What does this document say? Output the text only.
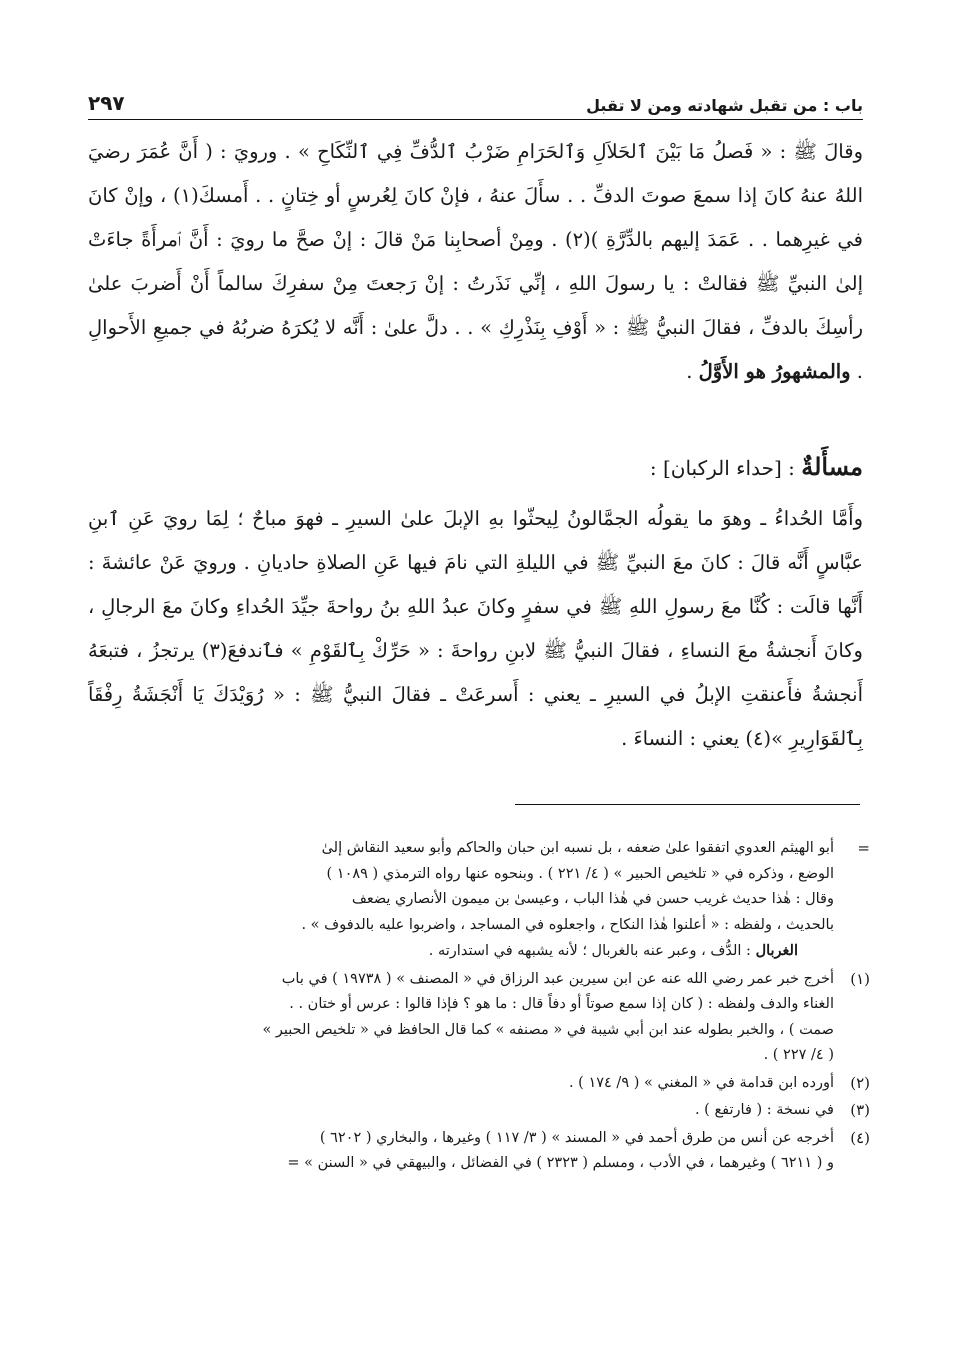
٢٩٧	باب : من تقبل شهادته ومن لا تقبل

وقالَ ﷺ : « فَصلُ مَا بَيْنَ ٱلحَلاَلِ وَٱلحَرَامِ ضَرْبُ ٱلدُّفِّ فِي ٱلنِّكَاحِ » . ورويَ : ( أَنَّ عُمَرَ رضيَ اللهُ عنهُ كانَ إذا سمعَ صوتَ الدفِّ . . سأَلَ عنهُ ، فإنْ كانَ لِعُرسٍ أو خِتانٍ . . أَمسكَ(١) ، وإنْ كانَ في غيرِهما . . عَمَدَ إليهم بالدِّرَّةِ )(٢) . ومِنْ أصحابِنا مَنْ قالَ : إنْ صحَّ ما رويَ : أَنَّ ٱمرأَةً جاءَتْ إلىٰ النبيِّ ﷺ فقالتْ : يا رسولَ اللهِ ، إنِّي نَذَرتُ : إنْ رَجعتَ مِنْ سفرِكَ سالماً أَنْ أَضربَ علىٰ رأسِكَ بالدفِّ ، فقالَ النبيُّ ﷺ : « أَوْفِ بِنَذْرِكِ » . . دلَّ علىٰ : أَنَّه لا يُكرَهُ ضربُهُ في جميعِ الأَحوالِ . والمشهورُ هو الأَوَّلُ .

مسأَلةٌ : [حداء الركبان] :

وأَمَّا الحُداءُ ـ وهوَ ما يقولُه الجمَّالونُ لِيحثّوا بهِ الإبلَ علىٰ السيرِ ـ فهوَ مباحٌ ؛ لِمَا رويَ عَنِ ٱبنِ عبَّاسٍ أَنَّه قالَ : كانَ معَ النبيِّ ﷺ في الليلةِ التي نامَ فيها عَنِ الصلاةِ حاديانِ . ورويَ عَنْ عائشةَ : أَنَّها قالَت : كُنَّا معَ رسولِ اللهِ ﷺ في سفرٍ وكانَ عبدُ اللهِ بنُ رواحةَ جيِّدَ الحُداءِ وكانَ معَ الرجالِ ، وكانَ أَنجشةُ معَ النساءِ ، فقالَ النبيُّ ﷺ لابنِ رواحةَ : « حَرِّكْ بِٱلقَوْمِ » فٱندفعَ(٣) يرتجزُ ، فتبعَهُ أَنجشةُ فأَعنقتِ الإبلُ في السيرِ ـ يعني : أَسرعَتْ ـ فقالَ النبيُّ ﷺ : « رُوَيْدَكَ يَا أَنْجَشَةُ رِفْقَاً بِٱلقَوَارِيرِ »(٤) يعني : النساءَ .

=
أبو الهيثم العدوي اتفقوا علىٰ ضعفه ، بل نسبه ابن حبان والحاكم وأبو سعيد النقاش إلىٰ
الوضع ، وذكره في « تلخيص الحبير » ( ٤/ ٢٢١ ) . وبنحوه عنها رواه الترمذي ( ١٠٨٩ )
وقال : هٰذا حديث غريب حسن في هٰذا الباب ، وعيسىٰ بن ميمون الأنصاري يضعف
بالحديث ، ولفظه : « أعلنوا هٰذا النكاح ، واجعلوه في المساجد ، واضربوا عليه بالدفوف » .
الغربال : الدُّف ، وعبر عنه بالغربال ؛ لأنه يشبهه في استدارته .
(١)
أخرج خبر عمر رضي الله عنه عن ابن سيرين عبد الرزاق في « المصنف » ( ١٩٧٣٨ ) في باب
الغناء والدف ولفظه : ( كان إذا سمع صوتاً أو دفاً قال : ما هو ؟ فإذا قالوا : عرس أو ختان . .
صمت ) ، والخبر بطوله عند ابن أبي شيبة في « مصنفه » كما قال الحافظ في « تلخيص الحبير »
( ٤/ ٢٢٧ ) .
(٢)
أورده ابن قدامة في « المغني » ( ٩/ ١٧٤ ) .
(٣)
في نسخة : ( فارتفع ) .
(٤)
أخرجه عن أنس من طرق أحمد في « المسند » ( ٣/ ١١٧ ) وغيرها ، والبخاري ( ٦٢٠٢ )
و ( ٦٢١١ ) وغيرهما ، في الأدب ، ومسلم ( ٢٣٢٣ ) في الفضائل ، والبيهقي في « السنن » =
